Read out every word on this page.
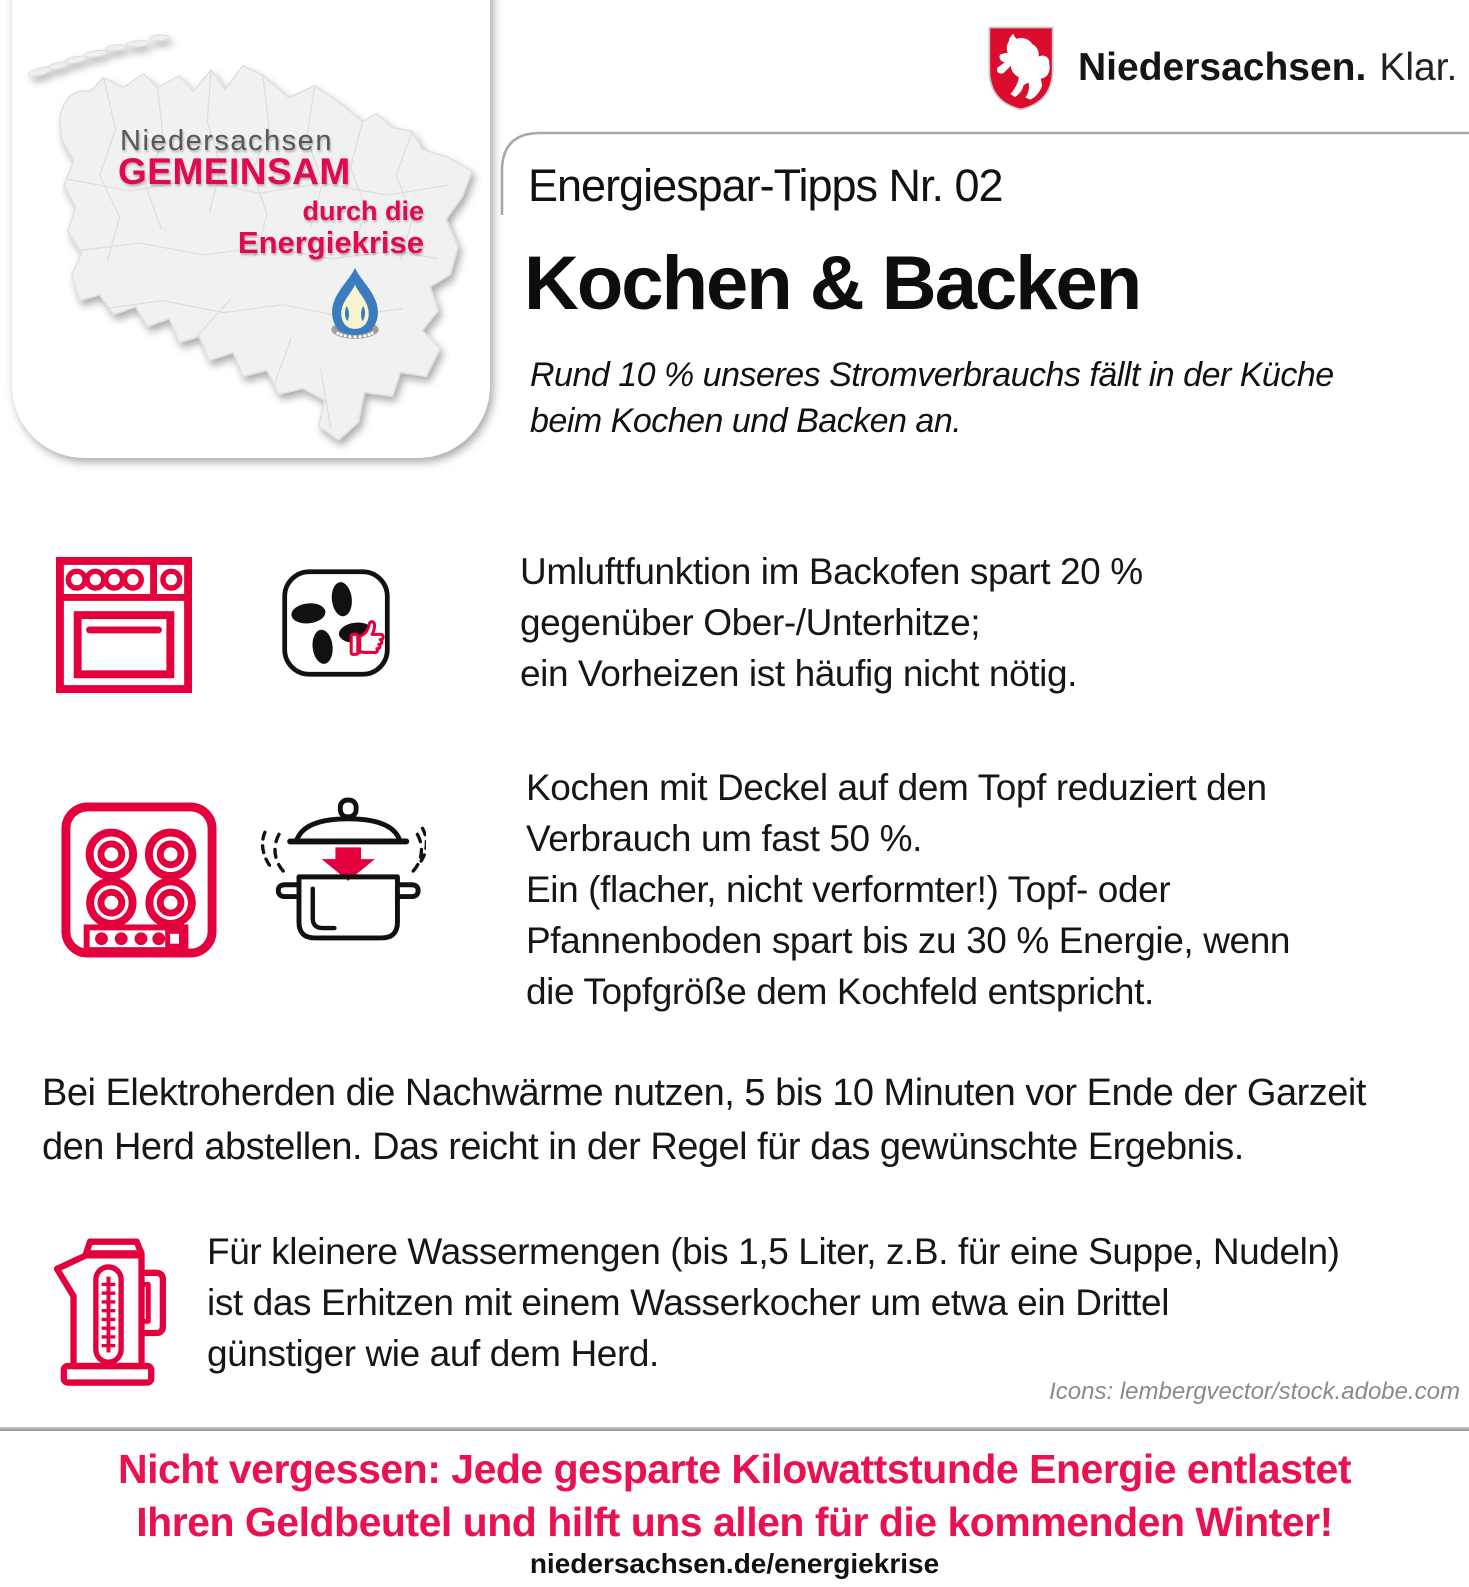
Niedersachsen
GEMEINSAM
durch die
Energiekrise
Niedersachsen. Klar.
Energiespar-Tipps Nr. 02
Kochen & Backen
Rund 10 % unseres Stromverbrauchs fällt in der Küche
beim Kochen und Backen an.
Umluftfunktion im Backofen spart 20 %
gegenüber Ober-/Unterhitze;
ein Vorheizen ist häufig nicht nötig.
Kochen mit Deckel auf dem Topf reduziert den
Verbrauch um fast 50 %.
Ein (flacher, nicht verformter!) Topf- oder
Pfannenboden spart bis zu 30 % Energie, wenn
die Topfgröße dem Kochfeld entspricht.
Bei Elektroherden die Nachwärme nutzen, 5 bis 10 Minuten vor Ende der Garzeit
den Herd abstellen. Das reicht in der Regel für das gewünschte Ergebnis.
Für kleinere Wassermengen (bis 1,5 Liter, z.B. für eine Suppe, Nudeln)
ist das Erhitzen mit einem Wasserkocher um etwa ein Drittel
günstiger wie auf dem Herd.
Icons: lembergvector/stock.adobe.com
Nicht vergessen: Jede gesparte Kilowattstunde Energie entlastet
Ihren Geldbeutel und hilft uns allen für die kommenden Winter!
niedersachsen.de/energiekrise
